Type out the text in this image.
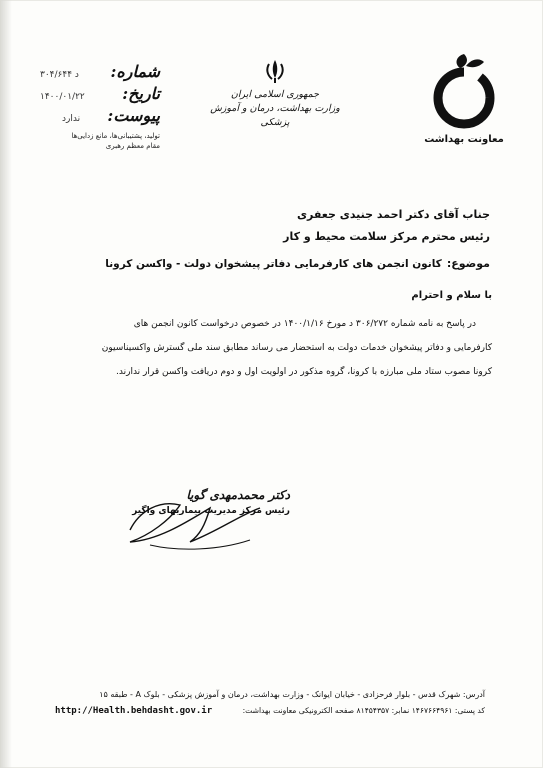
معاونت بهداشت
جمهوری اسلامی ایران
وزارت بهداشت، درمان و آموزش پزشکی
۳۰۴/۶۴۴ د شماره:
۱۴۰۰/۰۱/۲۲ تاریخ:
ندارد پیوست:
تولید، پشتیبانی‌ها، مانع زدایی‌ها
مقام معظم رهبری
جناب آقای دکتر احمد جنیدی جعفری
رئیس محترم مرکز سلامت محیط و کار
موضوع: کانون انجمن های کارفرمایی دفاتر پیشخوان دولت - واکسن کرونا
با سلام و احترام
در پاسخ به نامه شماره ۳۰۶/۲۷۲ د مورخ ۱۴۰۰/۱/۱۶ در خصوص درخواست کانون انجمن های
کارفرمایی و دفاتر پیشخوان خدمات دولت به استحضار می رساند مطابق سند ملی گسترش واکسیناسیون
کرونا مصوب ستاد ملی مبارزه با کرونا، گروه مذکور در اولویت اول و دوم دریافت واکسن قرار ندارند.
دکتر محمدمهدی گویا
رئیس مرکز مدیریت بیماریهای واگیر
آدرس: شهرک قدس - بلوار فرحزادی - خیابان ایوانک - وزارت بهداشت، درمان و آموزش پزشکی - بلوک A - طبقه ۱۵
http://Health.behdasht.gov.ir	کد پستی: ۱۴۶۷۶۶۴۹۶۱ نمابر: ۸۱۴۵۴۳۵۷ صفحه الکترونیکی معاونت بهداشت:
